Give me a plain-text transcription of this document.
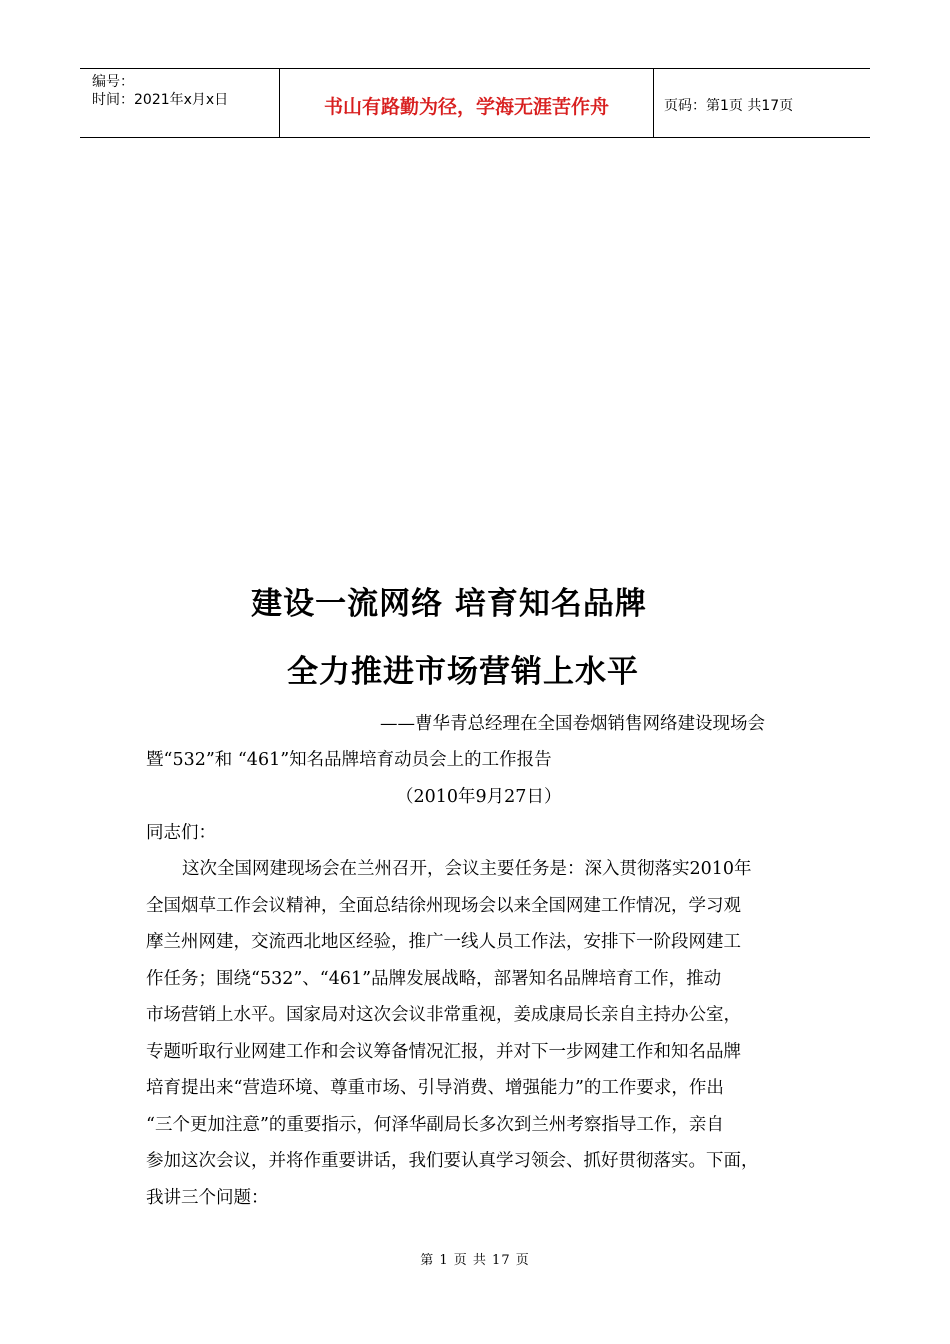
编号：
时间：2021年x月x日	书山有路勤为径，学海无涯苦作舟	页码：第1页 共17页
建设一流网络 培育知名品牌
全力推进市场营销上水平
——曹华青总经理在全国卷烟销售网络建设现场会
暨“532”和 “461”知名品牌培育动员会上的工作报告
（2010年9月27日）
同志们：
这次全国网建现场会在兰州召开，会议主要任务是：深入贯彻落实2010年
全国烟草工作会议精神，全面总结徐州现场会以来全国网建工作情况，学习观
摩兰州网建，交流西北地区经验，推广一线人员工作法，安排下一阶段网建工
作任务；围绕“532”、“461”品牌发展战略，部署知名品牌培育工作，推动
市场营销上水平。国家局对这次会议非常重视，姜成康局长亲自主持办公室，
专题听取行业网建工作和会议筹备情况汇报，并对下一步网建工作和知名品牌
培育提出来“营造环境、尊重市场、引导消费、增强能力”的工作要求，作出
“三个更加注意”的重要指示，何泽华副局长多次到兰州考察指导工作，亲自
参加这次会议，并将作重要讲话，我们要认真学习领会、抓好贯彻落实。下面，
我讲三个问题：
第 1 页 共 17 页
